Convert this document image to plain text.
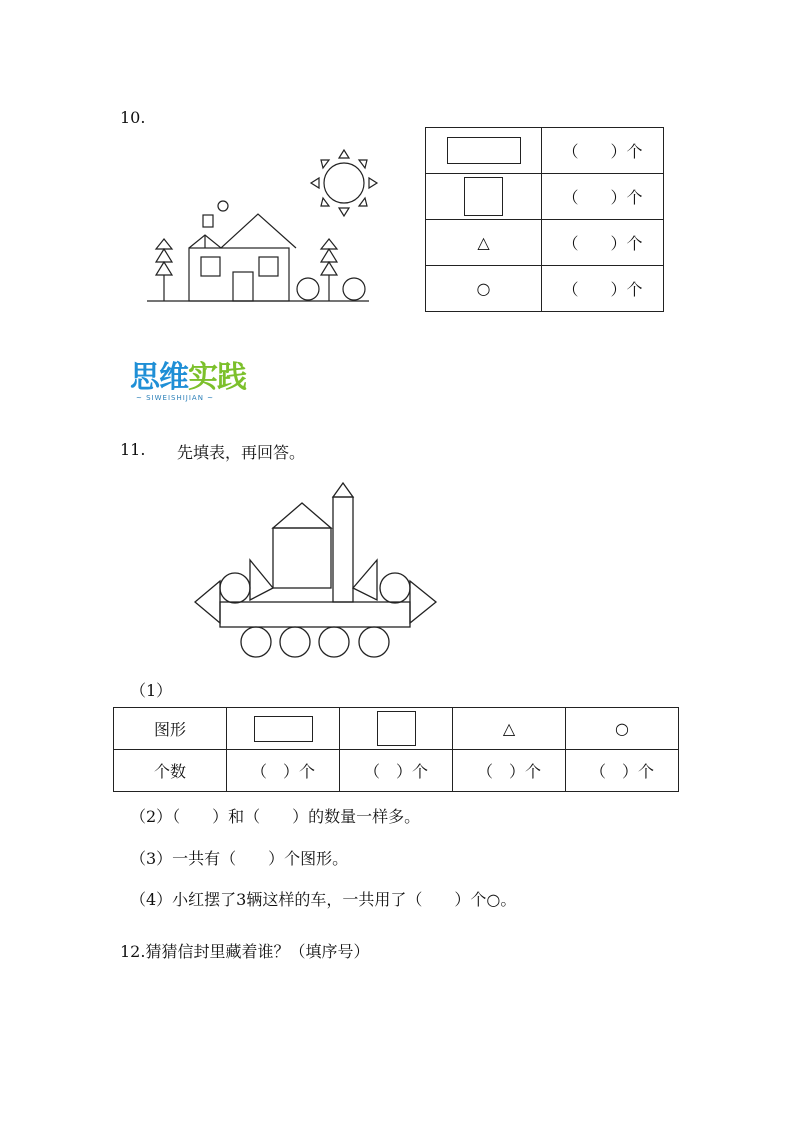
10.
	（　　）个
	（　　）个
△	（　　）个
○	（　　）个
思维实践
~ SIWEISHIJIAN ~
11. 先填表，再回答。
（1）
图形			△	○
个数	（　）个	（　）个	（　）个	（　）个
（2）（　　）和（　　）的数量一样多。
（3）一共有（　　）个图形。
（4）小红摆了3辆这样的车，一共用了（　　）个○。
12.猜猜信封里藏着谁？（填序号）
